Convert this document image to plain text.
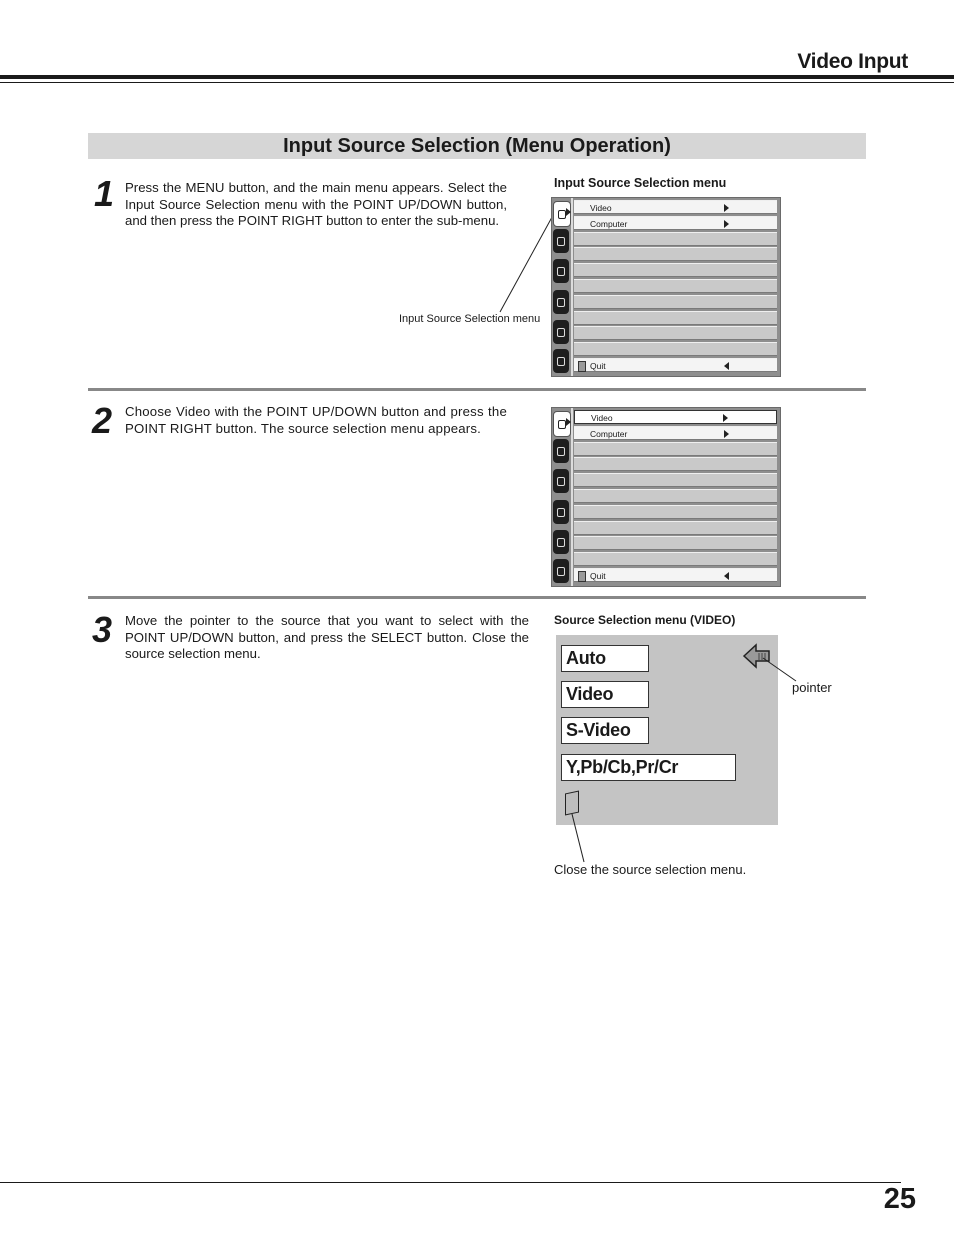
Video Input
Input Source Selection (Menu Operation)
1 Press the MENU button, and the main menu appears. Select the Input Source Selection menu with the POINT UP/DOWN button, and then press the POINT RIGHT button to enter the sub-menu.
Input Source Selection menu
Input Source Selection menu
Video
Computer
Quit
2 Choose Video with the POINT UP/DOWN button and press the POINT RIGHT button. The source selection menu appears.
Video
Computer
Quit
3 Move the pointer to the source that you want to select with the POINT UP/DOWN button, and press the SELECT button. Close the source selection menu.
Source Selection menu (VIDEO)
Auto
Video
S-Video
Y,Pb/Cb,Pr/Cr
pointer
Close the source selection menu.
25
